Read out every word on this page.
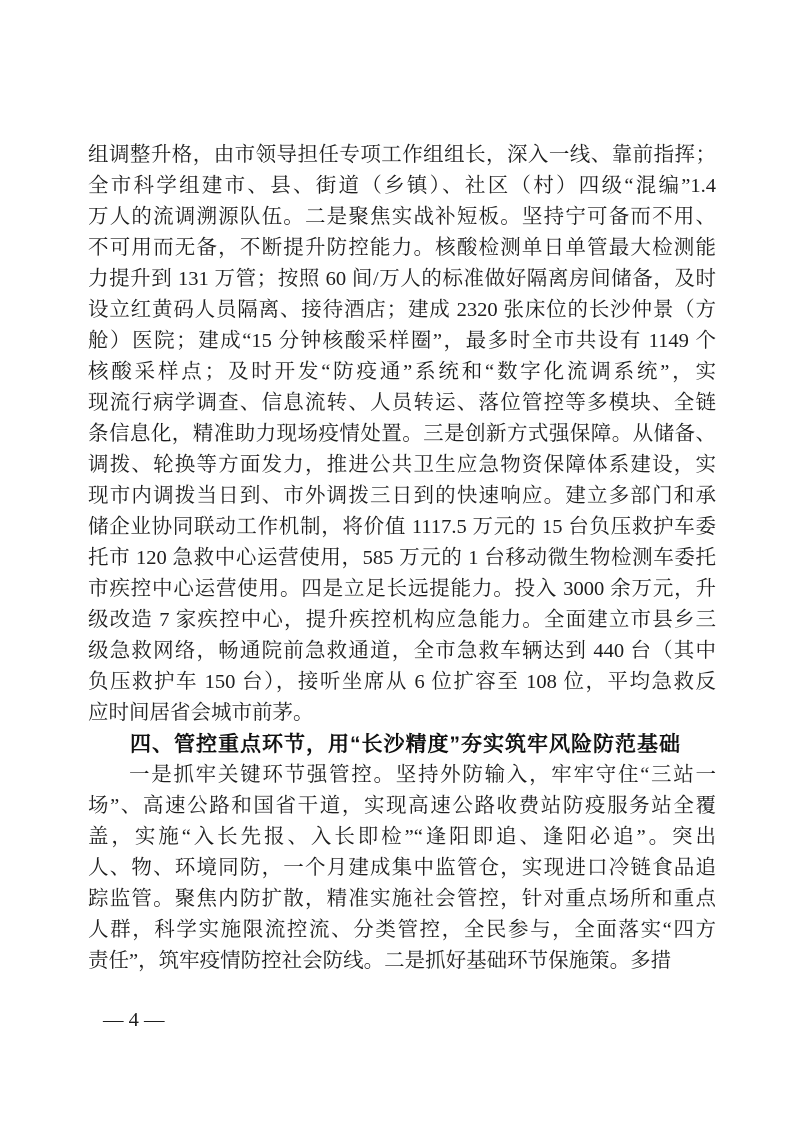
组调整升格，由市领导担任专项工作组组长，深入一线、靠前指挥；
全市科学组建市、县、街道（乡镇）、社区（村）四级“混编”1.4
万人的流调溯源队伍。二是聚焦实战补短板。坚持宁可备而不用、
不可用而无备，不断提升防控能力。核酸检测单日单管最大检测能
力提升到 131 万管；按照 60 间/万人的标准做好隔离房间储备，及时
设立红黄码人员隔离、接待酒店；建成 2320 张床位的长沙仲景（方
舱）医院；建成“15 分钟核酸采样圈”，最多时全市共设有 1149 个
核酸采样点；及时开发“防疫通”系统和“数字化流调系统”，实
现流行病学调查、信息流转、人员转运、落位管控等多模块、全链
条信息化，精准助力现场疫情处置。三是创新方式强保障。从储备、
调拨、轮换等方面发力，推进公共卫生应急物资保障体系建设，实
现市内调拨当日到、市外调拨三日到的快速响应。建立多部门和承
储企业协同联动工作机制，将价值 1117.5 万元的 15 台负压救护车委
托市 120 急救中心运营使用，585 万元的 1 台移动微生物检测车委托
市疾控中心运营使用。四是立足长远提能力。投入 3000 余万元，升
级改造 7 家疾控中心，提升疾控机构应急能力。全面建立市县乡三
级急救网络，畅通院前急救通道，全市急救车辆达到 440 台（其中
负压救护车 150 台），接听坐席从 6 位扩容至 108 位，平均急救反
应时间居省会城市前茅。
四、管控重点环节，用“长沙精度”夯实筑牢风险防范基础
一是抓牢关键环节强管控。坚持外防输入，牢牢守住“三站一
场”、高速公路和国省干道，实现高速公路收费站防疫服务站全覆
盖，实施“入长先报、入长即检”“逢阳即追、逢阳必追”。突出
人、物、环境同防，一个月建成集中监管仓，实现进口冷链食品追
踪监管。聚焦内防扩散，精准实施社会管控，针对重点场所和重点
人群，科学实施限流控流、分类管控，全民参与，全面落实“四方
责任”，筑牢疫情防控社会防线。二是抓好基础环节保施策。多措
— 4 —
